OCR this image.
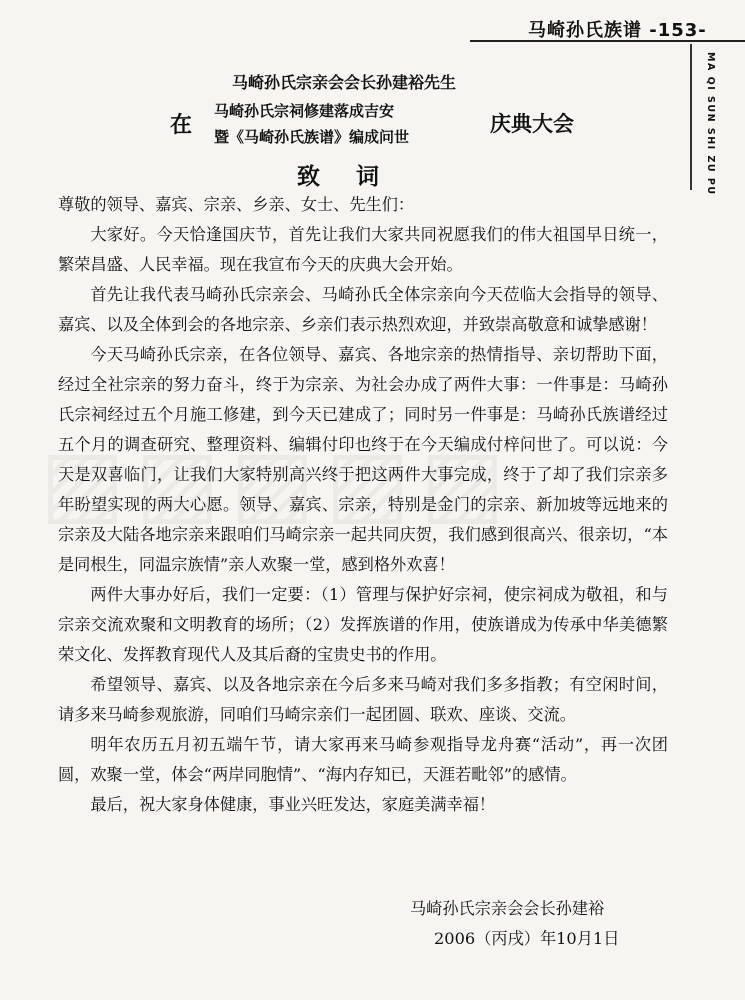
马崎孙氏族谱 -153-
MA QI SUN SHI ZU PU
马崎孙氏宗亲会会长孙建裕先生
在
马崎孙氏宗祠修建落成吉安
暨《马崎孙氏族谱》编成问世
庆典大会
致词

尊敬的领导、嘉宾、宗亲、乡亲、女士、先生们：

大家好。今天恰逢国庆节，首先让我们大家共同祝愿我们的伟大祖国早日统一，繁荣昌盛、人民幸福。现在我宣布今天的庆典大会开始。

首先让我代表马崎孙氏宗亲会、马崎孙氏全体宗亲向今天莅临大会指导的领导、嘉宾、以及全体到会的各地宗亲、乡亲们表示热烈欢迎，并致崇高敬意和诚挚感谢！

今天马崎孙氏宗亲，在各位领导、嘉宾、各地宗亲的热情指导、亲切帮助下面，经过全社宗亲的努力奋斗，终于为宗亲、为社会办成了两件大事：一件事是：马崎孙氏宗祠经过五个月施工修建，到今天已建成了；同时另一件事是：马崎孙氏族谱经过五个月的调查研究、整理资料、编辑付印也终于在今天编成付梓问世了。可以说：今天是双喜临门，让我们大家特别高兴终于把这两件大事完成，终于了却了我们宗亲多年盼望实现的两大心愿。领导、嘉宾、宗亲，特别是金门的宗亲、新加坡等远地来的宗亲及大陆各地宗亲来跟咱们马崎宗亲一起共同庆贺，我们感到很高兴、很亲切，“本是同根生，同温宗族情”亲人欢聚一堂，感到格外欢喜！

两件大事办好后，我们一定要：（1）管理与保护好宗祠，使宗祠成为敬祖，和与宗亲交流欢聚和文明教育的场所；（2）发挥族谱的作用，使族谱成为传承中华美德繁荣文化、发挥教育现代人及其后裔的宝贵史书的作用。

希望领导、嘉宾、以及各地宗亲在今后多来马崎对我们多多指教；有空闲时间，请多来马崎参观旅游，同咱们马崎宗亲们一起团圆、联欢、座谈、交流。

明年农历五月初五端午节，请大家再来马崎参观指导龙舟赛“活动”，再一次团圆，欢聚一堂，体会“两岸同胞情”、“海内存知已，天涯若毗邻”的感情。

最后，祝大家身体健康，事业兴旺发达，家庭美满幸福！

马崎孙氏宗亲会会长孙建裕
2006（丙戌）年10月1日
